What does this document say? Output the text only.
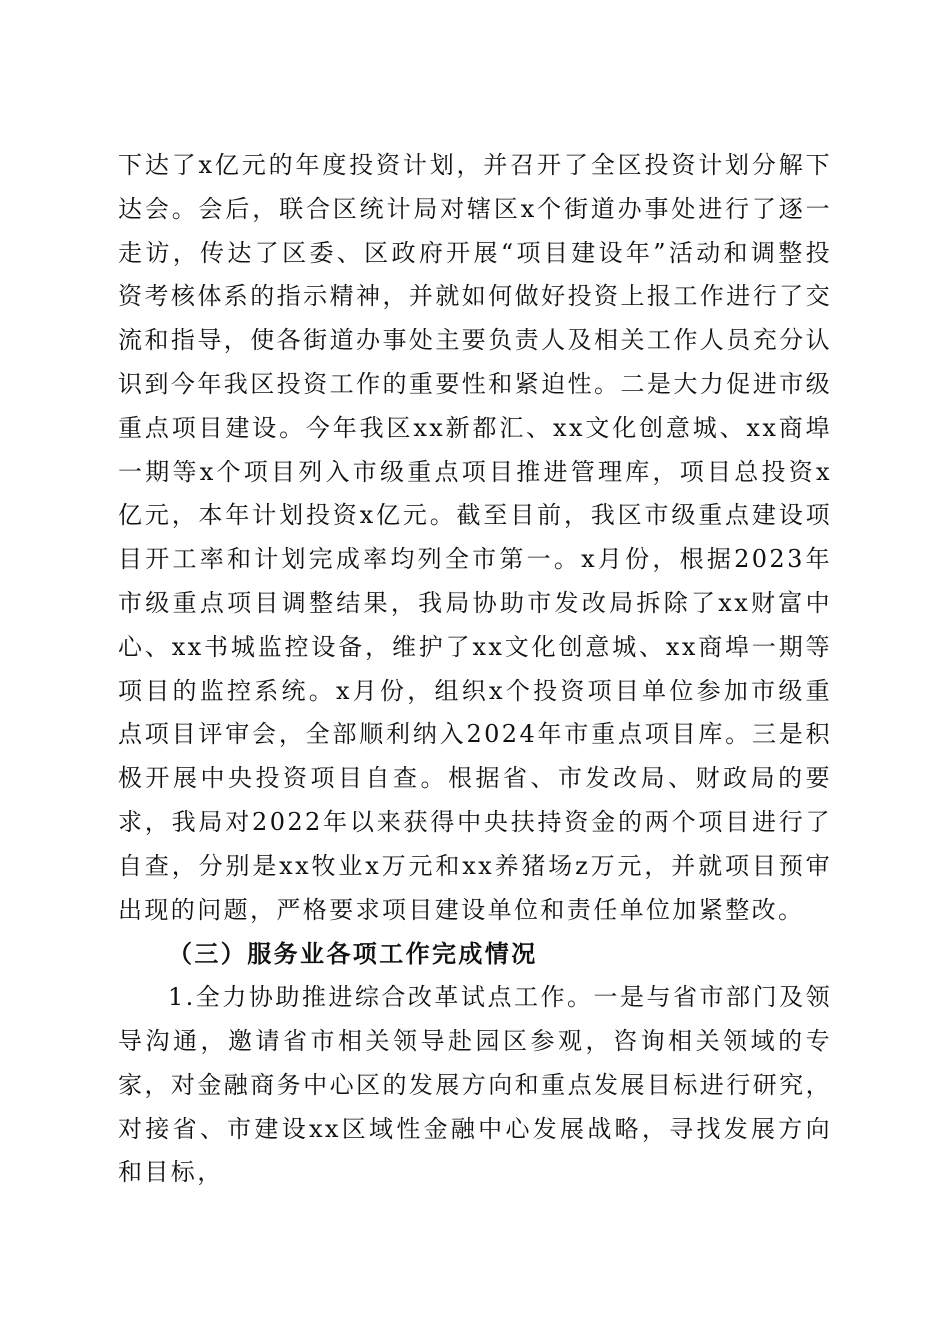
下达了x亿元的年度投资计划，并召开了全区投资计划分解下达会。会后，联合区统计局对辖区x个街道办事处进行了逐一走访，传达了区委、区政府开展“项目建设年”活动和调整投资考核体系的指示精神，并就如何做好投资上报工作进行了交流和指导，使各街道办事处主要负责人及相关工作人员充分认识到今年我区投资工作的重要性和紧迫性。二是大力促进市级重点项目建设。今年我区xx新都汇、xx文化创意城、xx商埠一期等x个项目列入市级重点项目推进管理库，项目总投资x亿元，本年计划投资x亿元。截至目前，我区市级重点建设项目开工率和计划完成率均列全市第一。x月份，根据2023年市级重点项目调整结果，我局协助市发改局拆除了xx财富中心、xx书城监控设备，维护了xx文化创意城、xx商埠一期等项目的监控系统。x月份，组织x个投资项目单位参加市级重点项目评审会，全部顺利纳入2024年市重点项目库。三是积极开展中央投资项目自查。根据省、市发改局、财政局的要求，我局对2022年以来获得中央扶持资金的两个项目进行了自查，分别是xx牧业x万元和xx养猪场z万元，并就项目预审出现的问题，严格要求项目建设单位和责任单位加紧整改。

（三）服务业各项工作完成情况

1.全力协助推进综合改革试点工作。一是与省市部门及领导沟通，邀请省市相关领导赴园区参观，咨询相关领域的专家，对金融商务中心区的发展方向和重点发展目标进行研究，对接省、市建设xx区域性金融中心发展战略，寻找发展方向和目标，
